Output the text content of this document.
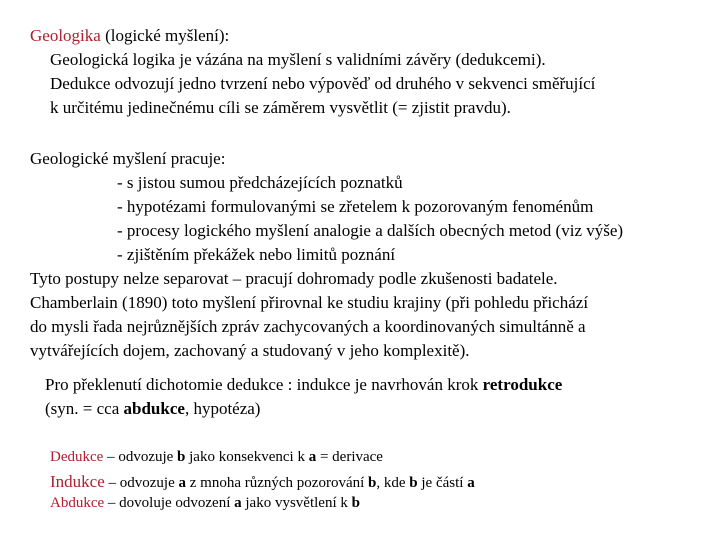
Geologika (logické myšlení):
Geologická logika je vázána na myšlení s validními závěry (dedukcemi).
Dedukce odvozují jedno tvrzení nebo výpověď od druhého v sekvenci směřující
k určitému jedinečnému cíli se záměrem vysvětlit (= zjistit pravdu).
Geologické myšlení pracuje:
- s jistou sumou předcházejících poznatků
- hypotézami formulovanými se zřetelem k pozorovaným fenoménům
- procesy logického myšlení analogie a dalších obecných metod (viz výše)
- zjištěním překážek nebo limitů poznání
Tyto postupy nelze separovat – pracují dohromady podle zkušenosti badatele.
Chamberlain (1890) toto myšlení přirovnal ke studiu krajiny (při pohledu přichází
do mysli řada nejrůznějších zpráv zachycovaných a koordinovaných simultánně a
vytvářejících dojem, zachovaný a studovaný v jeho komplexitě).
Pro překlenutí dichotomie dedukce : indukce je navrhován krok retrodukce
(syn. = cca abdukce, hypotéza)
Dedukce – odvozuje b jako konsekvenci k a = derivace
Indukce – odvozuje a z mnoha různých pozorování b, kde b je částí a
Abdukce – dovoluje odvození a jako vysvětlení k b
